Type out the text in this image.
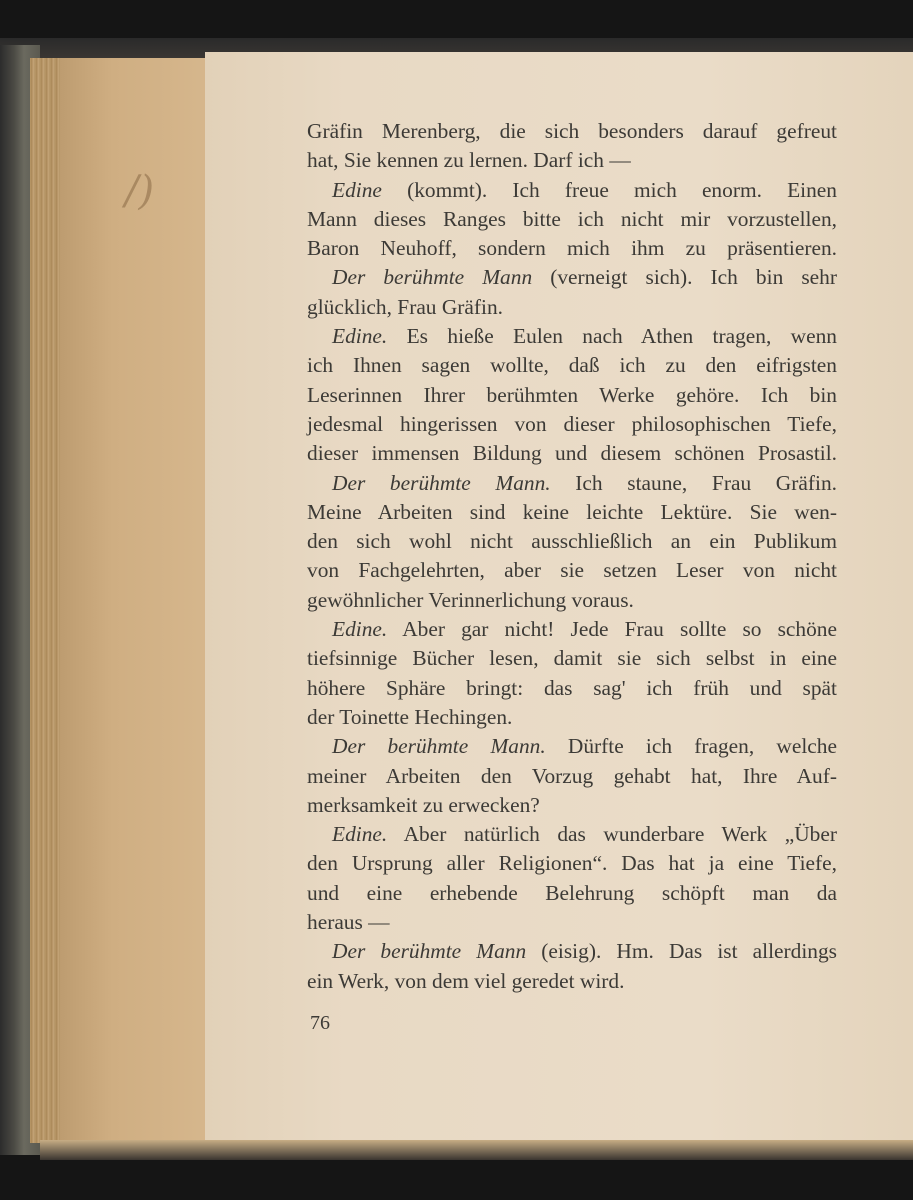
/)
Gräfin Merenberg, die sich besonders darauf gefreut
hat, Sie kennen zu lernen. Darf ich —
Edine (kommt). Ich freue mich enorm. Einen
Mann dieses Ranges bitte ich nicht mir vorzustellen,
Baron Neuhoff, sondern mich ihm zu präsentieren.
Der berühmte Mann (verneigt sich). Ich bin sehr
glücklich, Frau Gräfin.
Edine. Es hieße Eulen nach Athen tragen, wenn
ich Ihnen sagen wollte, daß ich zu den eifrigsten
Leserinnen Ihrer berühmten Werke gehöre. Ich bin
jedesmal hingerissen von dieser philosophischen Tiefe,
dieser immensen Bildung und diesem schönen Prosastil.
Der berühmte Mann. Ich staune, Frau Gräfin.
Meine Arbeiten sind keine leichte Lektüre. Sie wen-
den sich wohl nicht ausschließlich an ein Publikum
von Fachgelehrten, aber sie setzen Leser von nicht
gewöhnlicher Verinnerlichung voraus.
Edine. Aber gar nicht! Jede Frau sollte so schöne
tiefsinnige Bücher lesen, damit sie sich selbst in eine
höhere Sphäre bringt: das sag' ich früh und spät
der Toinette Hechingen.
Der berühmte Mann. Dürfte ich fragen, welche
meiner Arbeiten den Vorzug gehabt hat, Ihre Auf-
merksamkeit zu erwecken?
Edine. Aber natürlich das wunderbare Werk „Über
den Ursprung aller Religionen“. Das hat ja eine Tiefe,
und eine erhebende Belehrung schöpft man da
heraus —
Der berühmte Mann (eisig). Hm. Das ist allerdings
ein Werk, von dem viel geredet wird.
76
